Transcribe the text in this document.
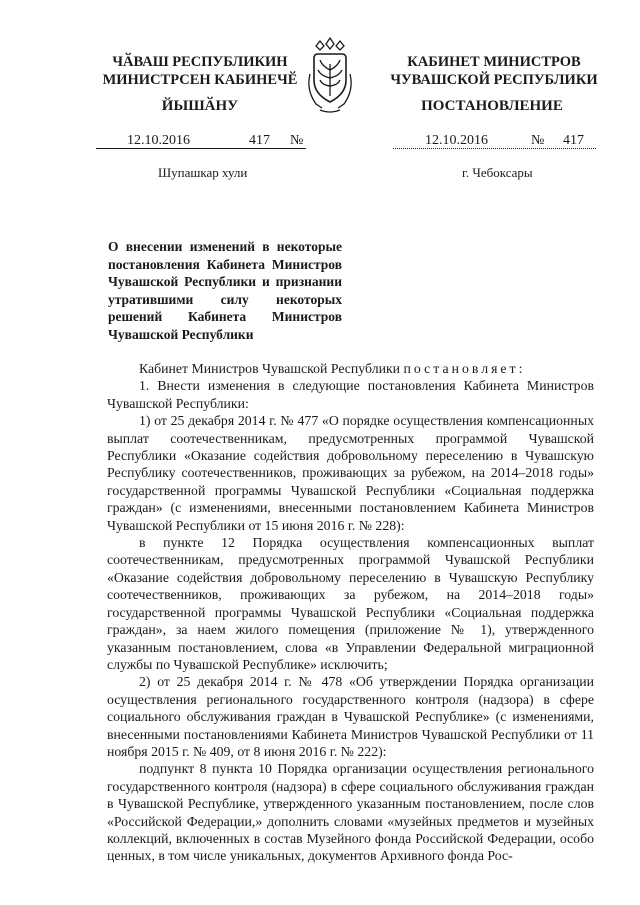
ЧӐВАШ РЕСПУБЛИКИН
МИНИСТРСЕН КАБИНЕЧӖ
КАБИНЕТ МИНИСТРОВ
ЧУВАШСКОЙ РЕСПУБЛИКИ
ЙЫШӐНУ	ПОСТАНОВЛЕНИЕ
12.10.2016	417 №	12.10.2016	№ 417
Шупашкар хули	г. Чебоксары
О внесении изменений в некоторые постановления Кабинета Министров Чувашской Республики и признании утратившими силу некоторых решений Кабинета Министров Чувашской Республики

Кабинет Министров Чувашской Республики постановляет:

1. Внести изменения в следующие постановления Кабинета Министров Чувашской Республики:

1) от 25 декабря 2014 г. № 477 «О порядке осуществления компенсационных выплат соотечественникам, предусмотренных программой Чувашской Республики «Оказание содействия добровольному переселению в Чувашскую Республику соотечественников, проживающих за рубежом, на 2014–2018 годы» государственной программы Чувашской Республики «Социальная поддержка граждан» (с изменениями, внесенными постановлением Кабинета Министров Чувашской Республики от 15 июня 2016 г. № 228):

в пункте 12 Порядка осуществления компенсационных выплат соотечественникам, предусмотренных программой Чувашской Республики «Оказание содействия добровольному переселению в Чувашскую Республику соотечественников, проживающих за рубежом, на 2014–2018 годы» государственной программы Чувашской Республики «Социальная поддержка граждан», за наем жилого помещения (приложение № 1), утвержденного указанным постановлением, слова «в Управлении Федеральной миграционной службы по Чувашской Республике» исключить;

2) от 25 декабря 2014 г. № 478 «Об утверждении Порядка организации осуществления регионального государственного контроля (надзора) в сфере социального обслуживания граждан в Чувашской Республике» (с изменениями, внесенными постановлениями Кабинета Министров Чувашской Республики от 11 ноября 2015 г. № 409, от 8 июня 2016 г. № 222):

подпункт 8 пункта 10 Порядка организации осуществления регионального государственного контроля (надзора) в сфере социального обслуживания граждан в Чувашской Республике, утвержденного указанным постановлением, после слов «Российской Федерации,» дополнить словами «музейных предметов и музейных коллекций, включенных в состав Музейного фонда Российской Федерации, особо ценных, в том числе уникальных, документов Архивного фонда Рос-
